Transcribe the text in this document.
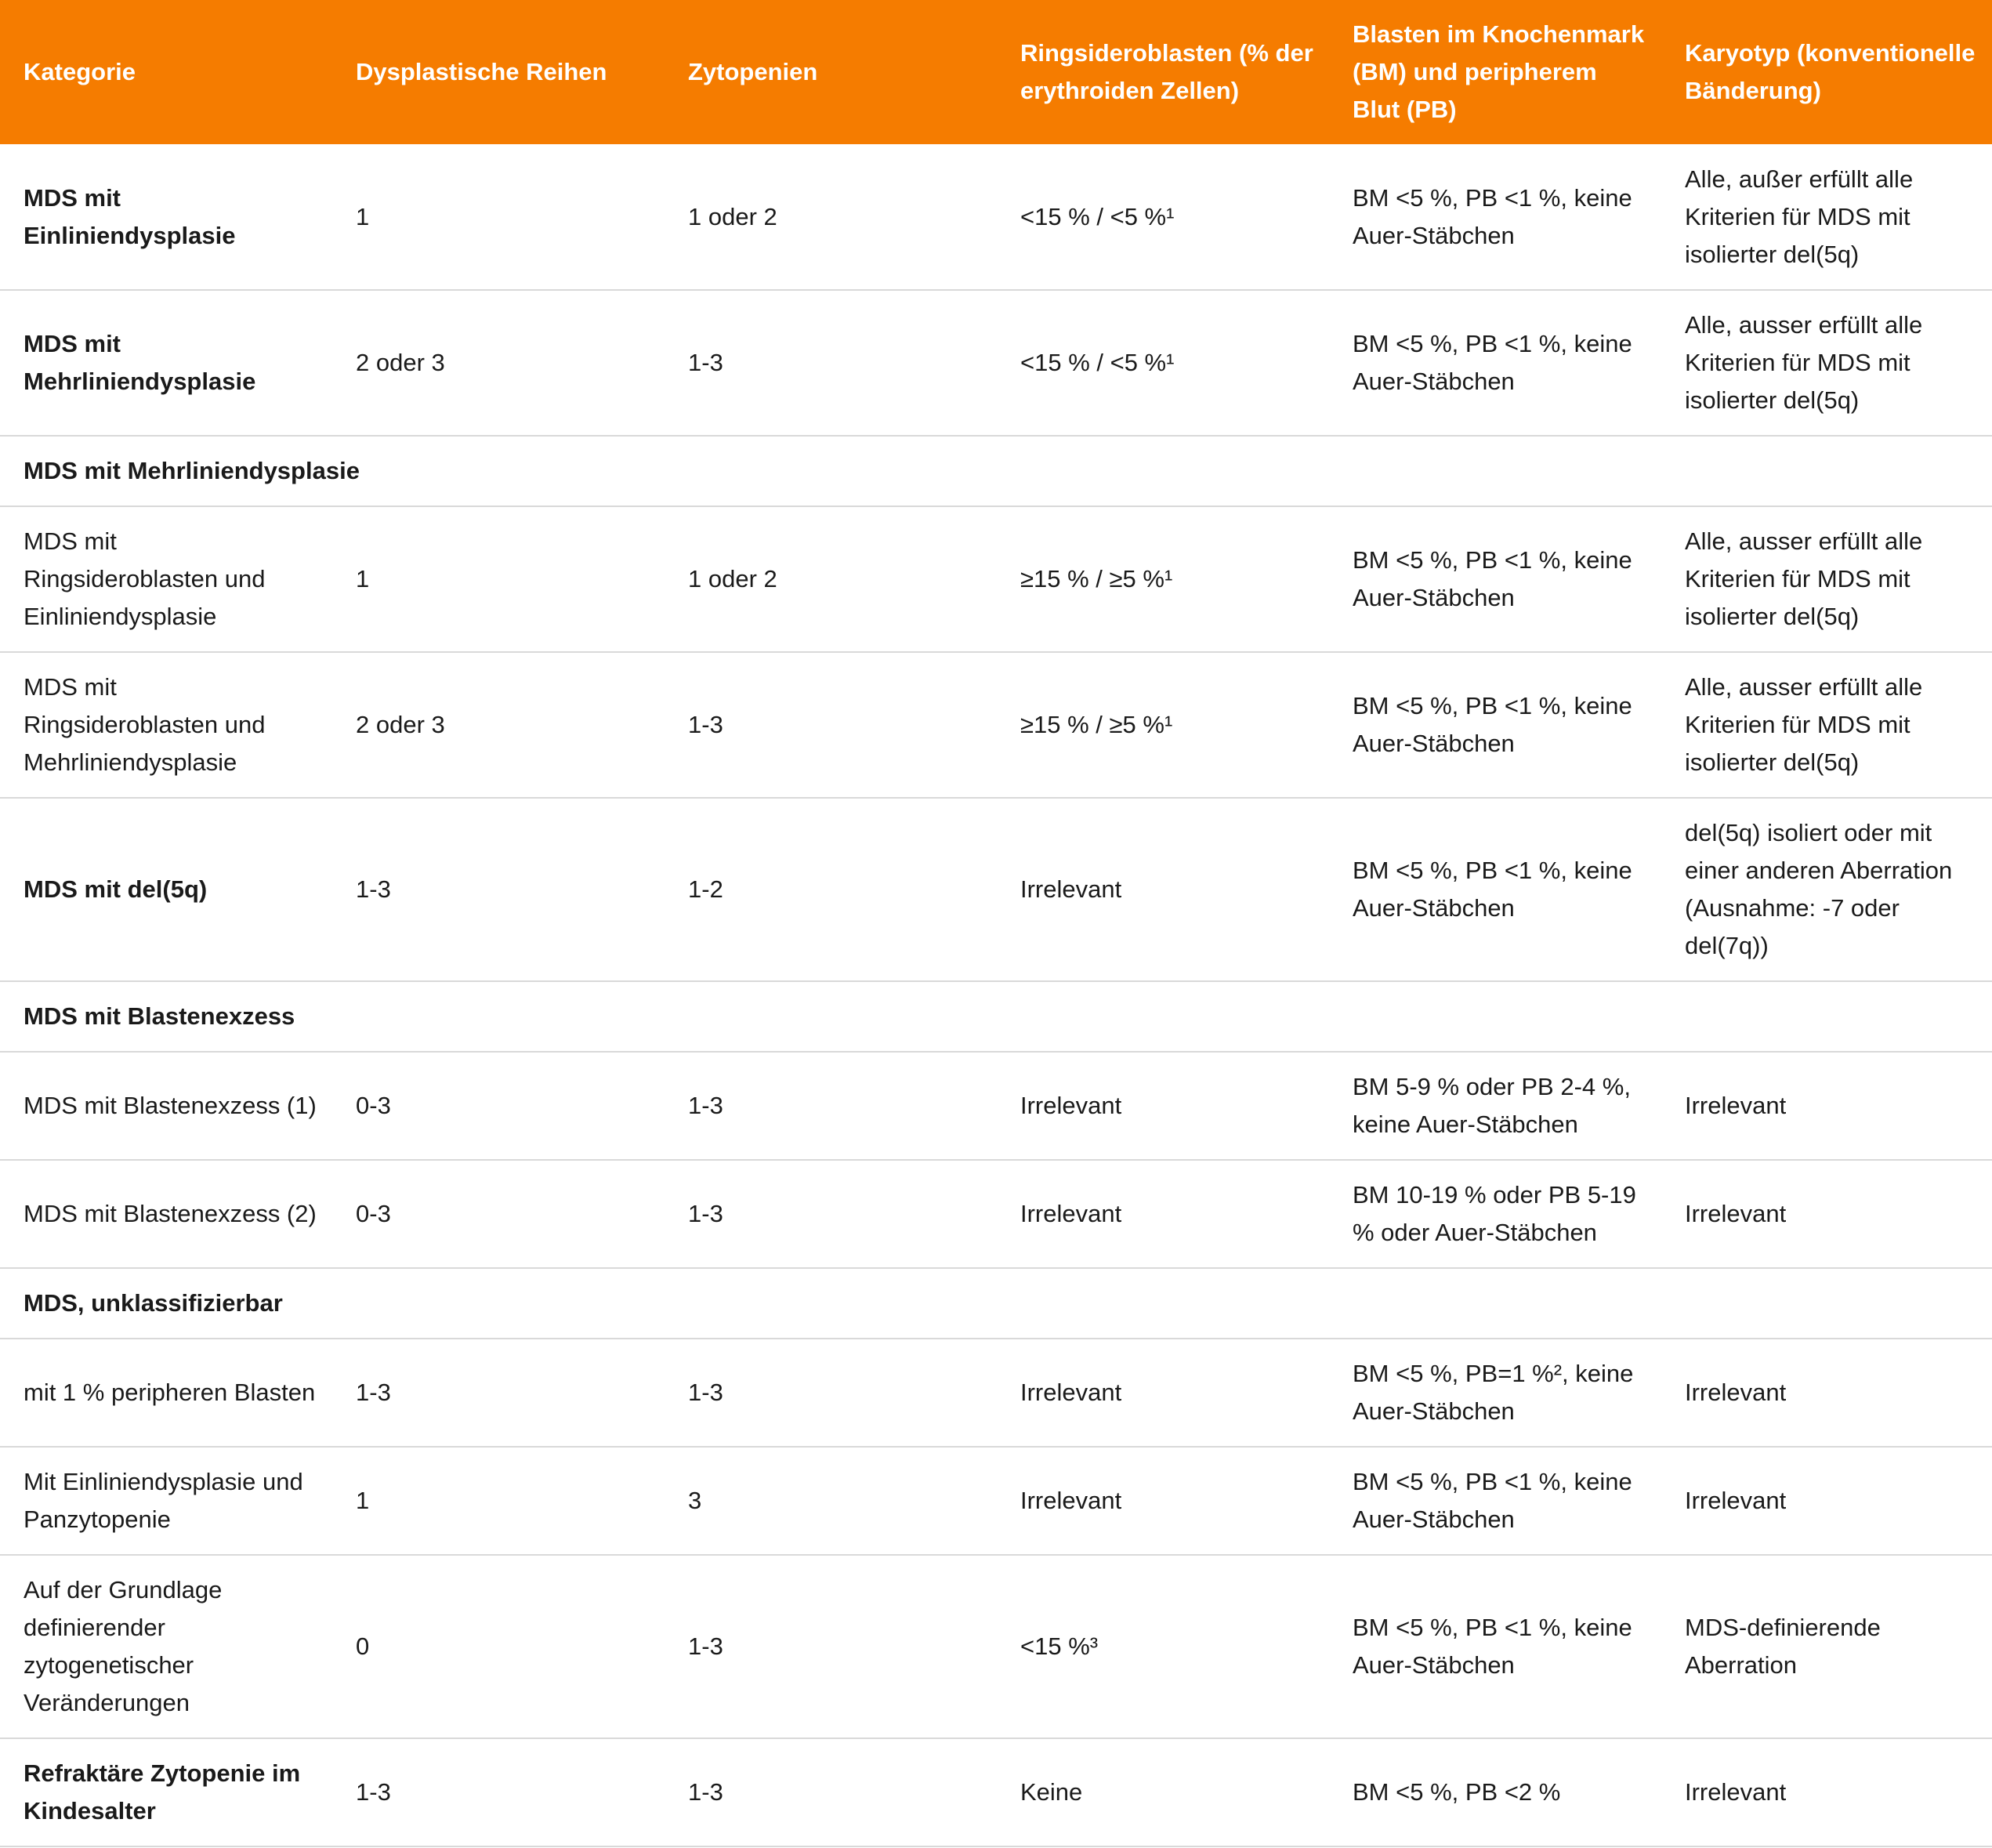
Kategorie	Dysplastische Reihen	Zytopenien	Ringsideroblasten (% der erythroiden Zellen)	Blasten im Knochenmark (BM) und peripherem Blut (PB)	Karyotyp (konventionelle Bänderung)
MDS mit Einliniendysplasie	1	1 oder 2	<15 % / <5 %¹	BM <5 %, PB <1 %, keine Auer-Stäbchen	Alle, außer erfüllt alle Kriterien für MDS mit isolierter del(5q)
MDS mit Mehrliniendysplasie	2 oder 3	1-3	<15 % / <5 %¹	BM <5 %, PB <1 %, keine Auer-Stäbchen	Alle, ausser erfüllt alle Kriterien für MDS mit isolierter del(5q)
MDS mit Mehrliniendysplasie					
MDS mit Ringsideroblasten und Einliniendysplasie	1	1 oder 2	≥15 % / ≥5 %¹	BM <5 %, PB <1 %, keine Auer-Stäbchen	Alle, ausser erfüllt alle Kriterien für MDS mit isolierter del(5q)
MDS mit Ringsideroblasten und Mehrliniendysplasie	2 oder 3	1-3	≥15 % / ≥5 %¹	BM <5 %, PB <1 %, keine Auer-Stäbchen	Alle, ausser erfüllt alle Kriterien für MDS mit isolierter del(5q)
MDS mit del(5q)	1-3	1-2	Irrelevant	BM <5 %, PB <1 %, keine Auer-Stäbchen	del(5q) isoliert oder mit einer anderen Aberration (Ausnahme: -7 oder del(7q))
MDS mit Blastenexzess					
MDS mit Blastenexzess (1)	0-3	1-3	Irrelevant	BM 5-9 % oder PB 2-4 %, keine Auer-Stäbchen	Irrelevant
MDS mit Blastenexzess (2)	0-3	1-3	Irrelevant	BM 10-19 % oder PB 5-19 % oder Auer-Stäbchen	Irrelevant
MDS, unklassifizierbar					
mit 1 % peripheren Blasten	1-3	1-3	Irrelevant	BM <5 %, PB=1 %², keine Auer-Stäbchen	Irrelevant
Mit Einliniendysplasie und Panzytopenie	1	3	Irrelevant	BM <5 %, PB <1 %, keine Auer-Stäbchen	Irrelevant
Auf der Grundlage definierender zytogenetischer Veränderungen	0	1-3	<15 %³	BM <5 %, PB <1 %, keine Auer-Stäbchen	MDS-definierende Aberration
Refraktäre Zytopenie im Kindesalter	1-3	1-3	Keine	BM <5 %, PB <2 %	Irrelevant
